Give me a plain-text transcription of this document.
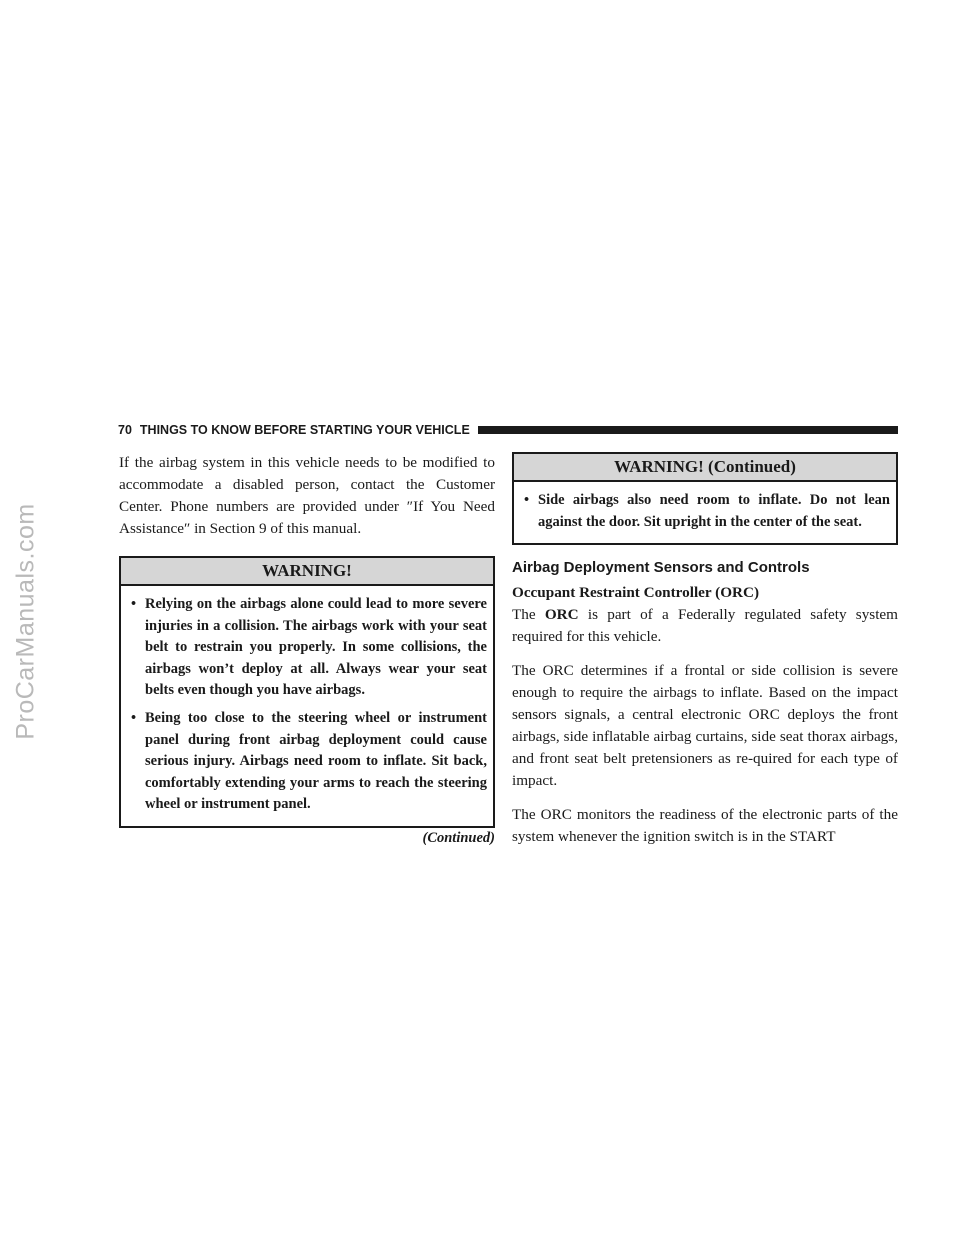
ProCarManuals.com
70 THINGS TO KNOW BEFORE STARTING YOUR VEHICLE

If the airbag system in this vehicle needs to be modified to accommodate a disabled person, contact the Customer Center. Phone numbers are provided under ″If You Need Assistance″ in Section 9 of this manual.

WARNING!
• Relying on the airbags alone could lead to more severe injuries in a collision. The airbags work with your seat belt to restrain you properly. In some collisions, the airbags won’t deploy at all. Always wear your seat belts even though you have airbags.
• Being too close to the steering wheel or instrument panel during front airbag deployment could cause serious injury. Airbags need room to inflate. Sit back, comfortably extending your arms to reach the steering wheel or instrument panel.
(Continued)
WARNING! (Continued)
• Side airbags also need room to inflate. Do not lean against the door. Sit upright in the center of the seat.
Airbag Deployment Sensors and Controls
Occupant Restraint Controller (ORC)

The ORC is part of a Federally regulated safety system required for this vehicle.

The ORC determines if a frontal or side collision is severe enough to require the airbags to inflate. Based on the impact sensors signals, a central electronic ORC deploys the front airbags, side inflatable airbag curtains, side seat thorax airbags, and front seat belt pretensioners as re-quired for each type of impact.

The ORC monitors the readiness of the electronic parts of the system whenever the ignition switch is in the START
